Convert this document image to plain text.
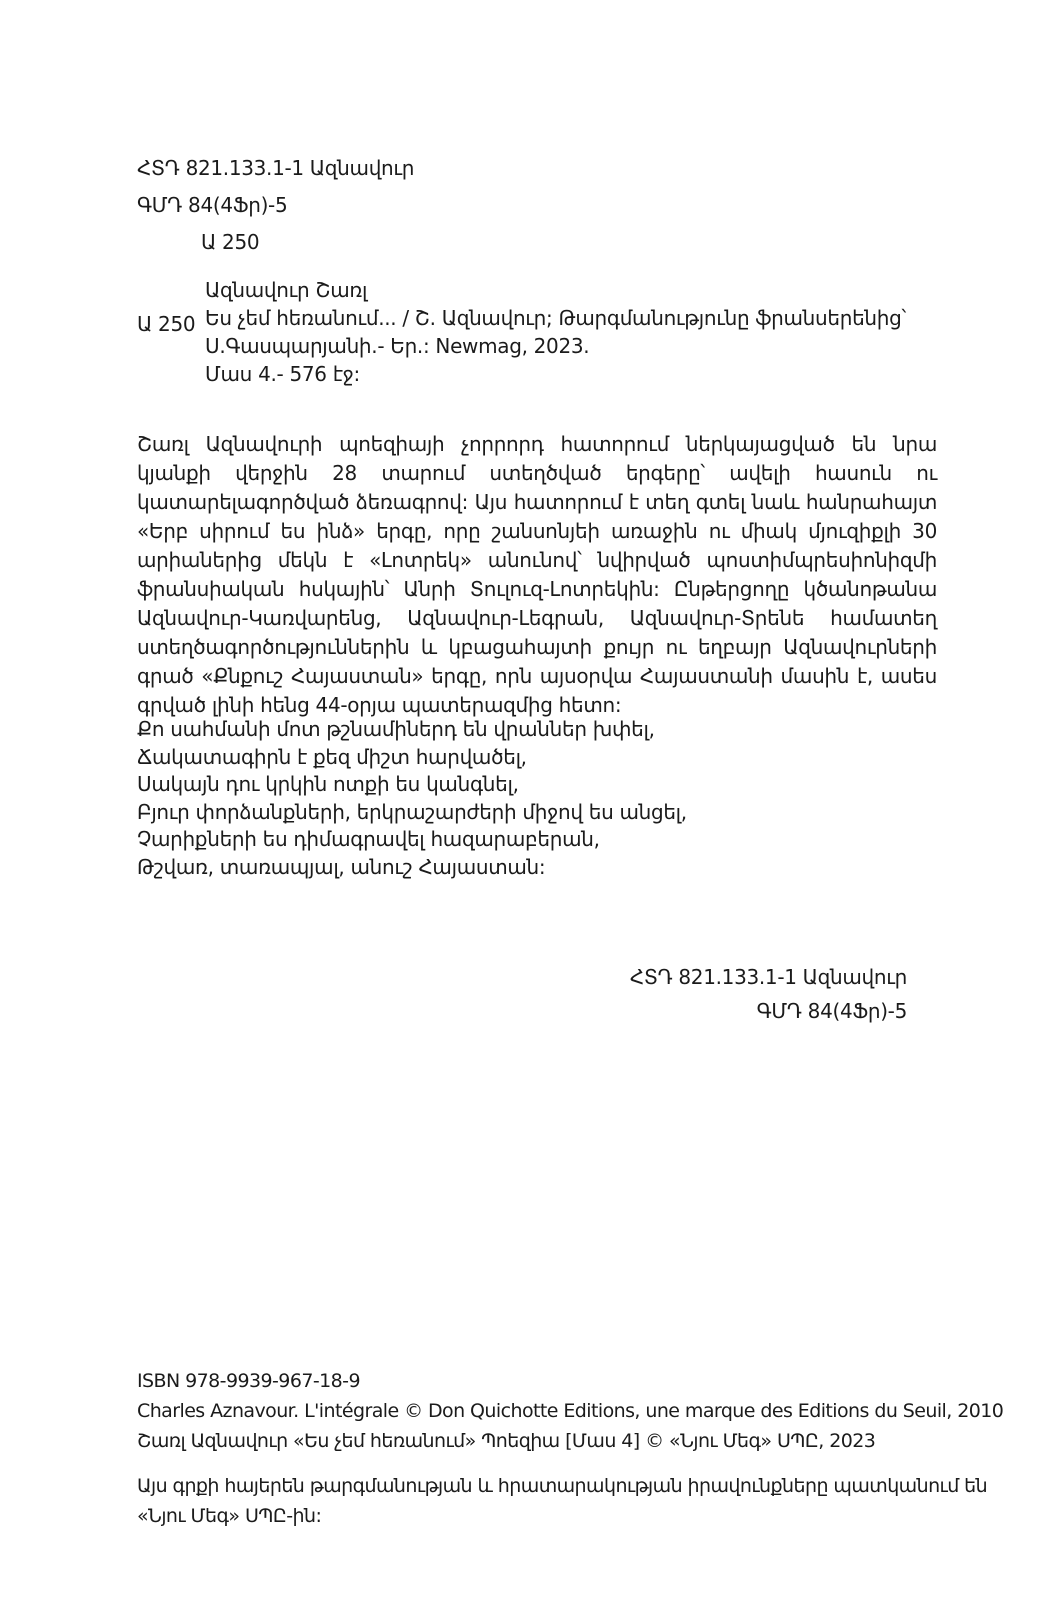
ՀՏԴ 821.133.1-1 Ազնավուր
ԳՄԴ 84(4Ֆր)-5
Ա 250
Ա 250
Ազնավուր Շառլ
Ես չեմ հեռանում... / Շ. Ազնավուր; Թարգմանությունը ֆրանսերենից՝
Ս.Գասպարյանի.- Եր.: Newmag, 2023.
Մաս 4.- 576 էջ:
Շառլ Ազնավուրի պոեզիայի չորրորդ հատորում ներկայացված են նրա կյանքի վերջին 28 տարում ստեղծված երգերը՝ ավելի հասուն ու կատարելագործված ձեռագրով: Այս հատորում է տեղ գտել նաև հանրահայտ «Երբ սիրում ես ինձ» երգը, որը շանսոնյեի առաջին ու միակ մյուզիքլի 30 արիաներից մեկն է «Լոտրեկ» անունով՝ նվիրված պոստիմպրեսիոնիզմի ֆրանսիական հսկային՝ Անրի Տուլուզ-Լոտրեկին: Ընթերցողը կծանոթանա Ազնավուր-Կառվարենց, Ազնավուր-Լեգրան, Ազնավուր-Տրենե համատեղ ստեղծագործություններին և կբացահայտի քույր ու եղբայր Ազնավուրների գրած «Քնքուշ Հայաստան» երգը, որն այսօրվա Հայաստանի մասին է, ասես գրված լինի հենց 44-օրյա պատերազմից հետո:
Քո սահմանի մոտ թշնամիներդ են վրաններ խփել,
Ճակատագիրն է քեզ միշտ հարվածել,
Սակայն դու կրկին ոտքի ես կանգնել,
Բյուր փորձանքների, երկրաշարժերի միջով ես անցել,
Չարիքների ես դիմագրավել հազարաբերան,
Թշվառ, տառապյալ, անուշ Հայաստան:
ՀՏԴ 821.133.1-1 Ազնավուր
ԳՄԴ 84(4Ֆր)-5
ISBN 978-9939-967-18-9
Charles Aznavour. L'intégrale © Don Quichotte Editions, une marque des Editions du Seuil, 2010
Շառլ Ազնավուր «Ես չեմ հեռանում» Պոեզիա [Մաս 4] © «Նյու Մեգ» ՍՊԸ, 2023
Այս գրքի հայերեն թարգմանության և հրատարակության իրավունքները պատկանում են «Նյու Մեգ» ՍՊԸ-ին:
